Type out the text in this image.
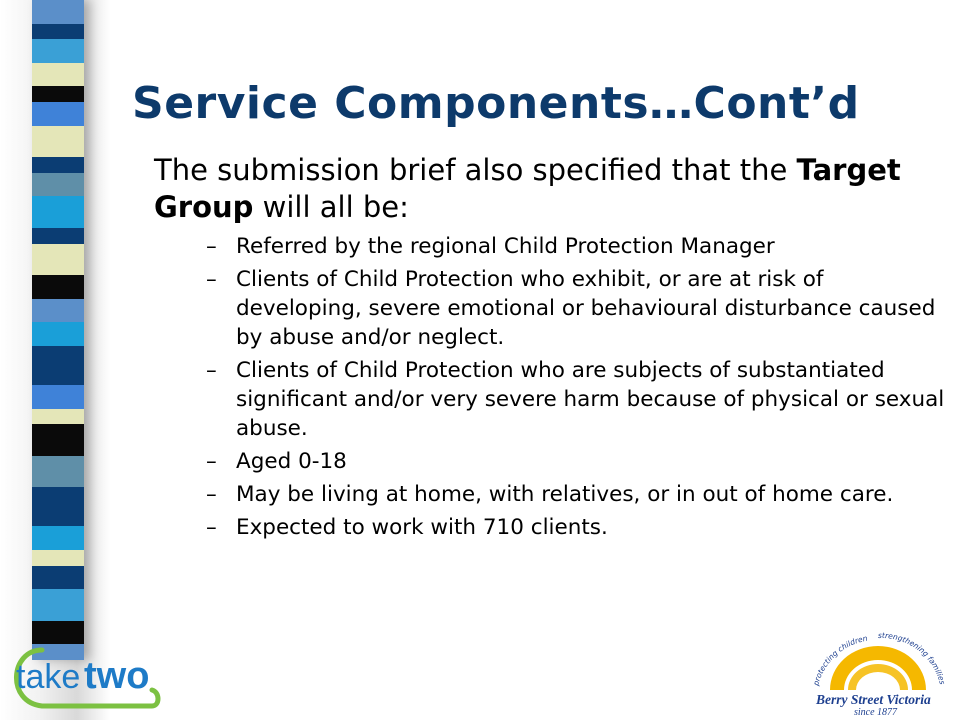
Service Components…Cont’d

The submission brief also specified that the Target Group will all be:

– Referred by the regional Child Protection Manager
– Clients of Child Protection who exhibit, or are at risk of developing, severe emotional or behavioural disturbance caused by abuse and/or neglect.
– Clients of Child Protection who are subjects of substantiated significant and/or very severe harm because of physical or sexual abuse.
– Aged 0-18
– May be living at home, with relatives, or in out of home care.
– Expected to work with 710 clients.
take two	protecting children strengthening families
Berry Street Victoria
since 1877
